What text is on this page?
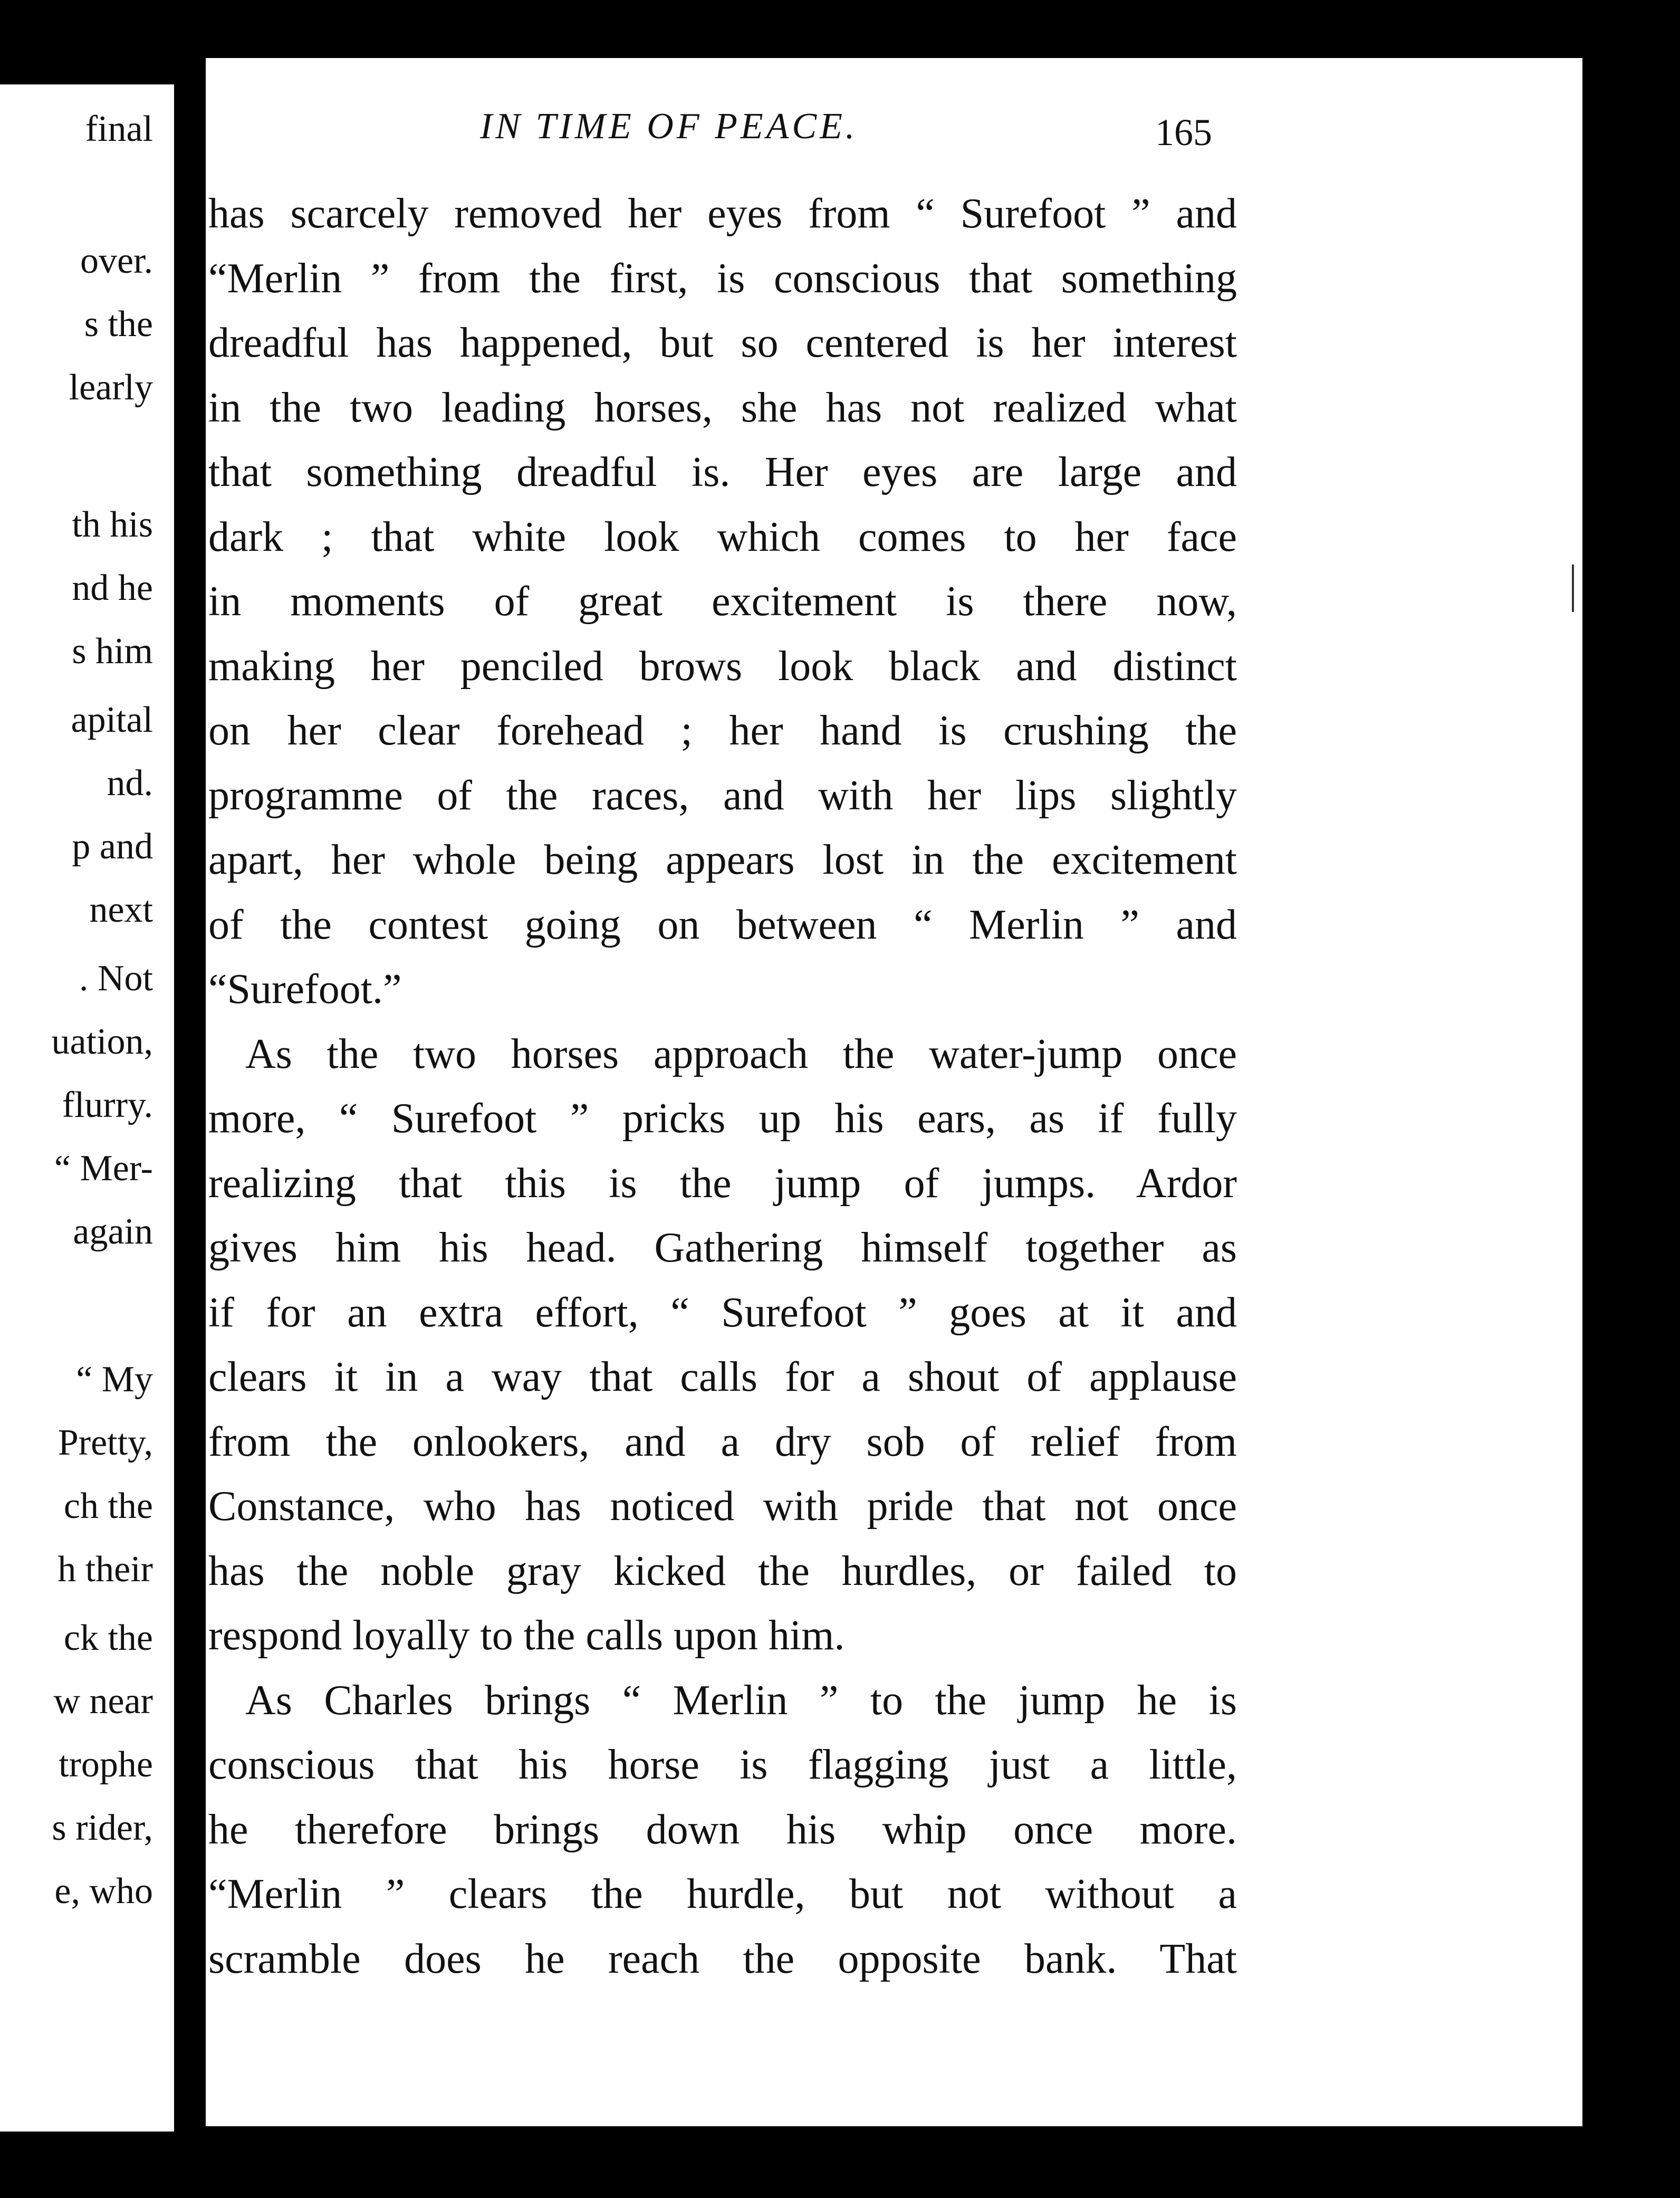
final
over.
s the
learly
th his
nd he
s him
apital
nd.
p and
next
. Not
uation,
flurry.
“ Mer-
again
“ My
Pretty,
ch the
h their
ck the
w near
trophe
s rider,
e, who
IN TIME OF PEACE.	165
has scarcely removed her eyes from “ Surefoot ” and
“Merlin ” from the first, is conscious that something
dreadful has happened, but so centered is her interest
in the two leading horses, she has not realized what
that something dreadful is. Her eyes are large and
dark ; that white look which comes to her face
in moments of great excitement is there now,
making her penciled brows look black and distinct
on her clear forehead ; her hand is crushing the
programme of the races, and with her lips slightly
apart, her whole being appears lost in the excitement
of the contest going on between “ Merlin ” and
“Surefoot.”
As the two horses approach the water-jump once
more, “ Surefoot ” pricks up his ears, as if fully
realizing that this is the jump of jumps. Ardor
gives him his head. Gathering himself together as
if for an extra effort, “ Surefoot ” goes at it and
clears it in a way that calls for a shout of applause
from the onlookers, and a dry sob of relief from
Constance, who has noticed with pride that not once
has the noble gray kicked the hurdles, or failed to
respond loyally to the calls upon him.
As Charles brings “ Merlin ” to the jump he is
conscious that his horse is flagging just a little,
he therefore brings down his whip once more.
“Merlin ” clears the hurdle, but not without a
scramble does he reach the opposite bank. That
